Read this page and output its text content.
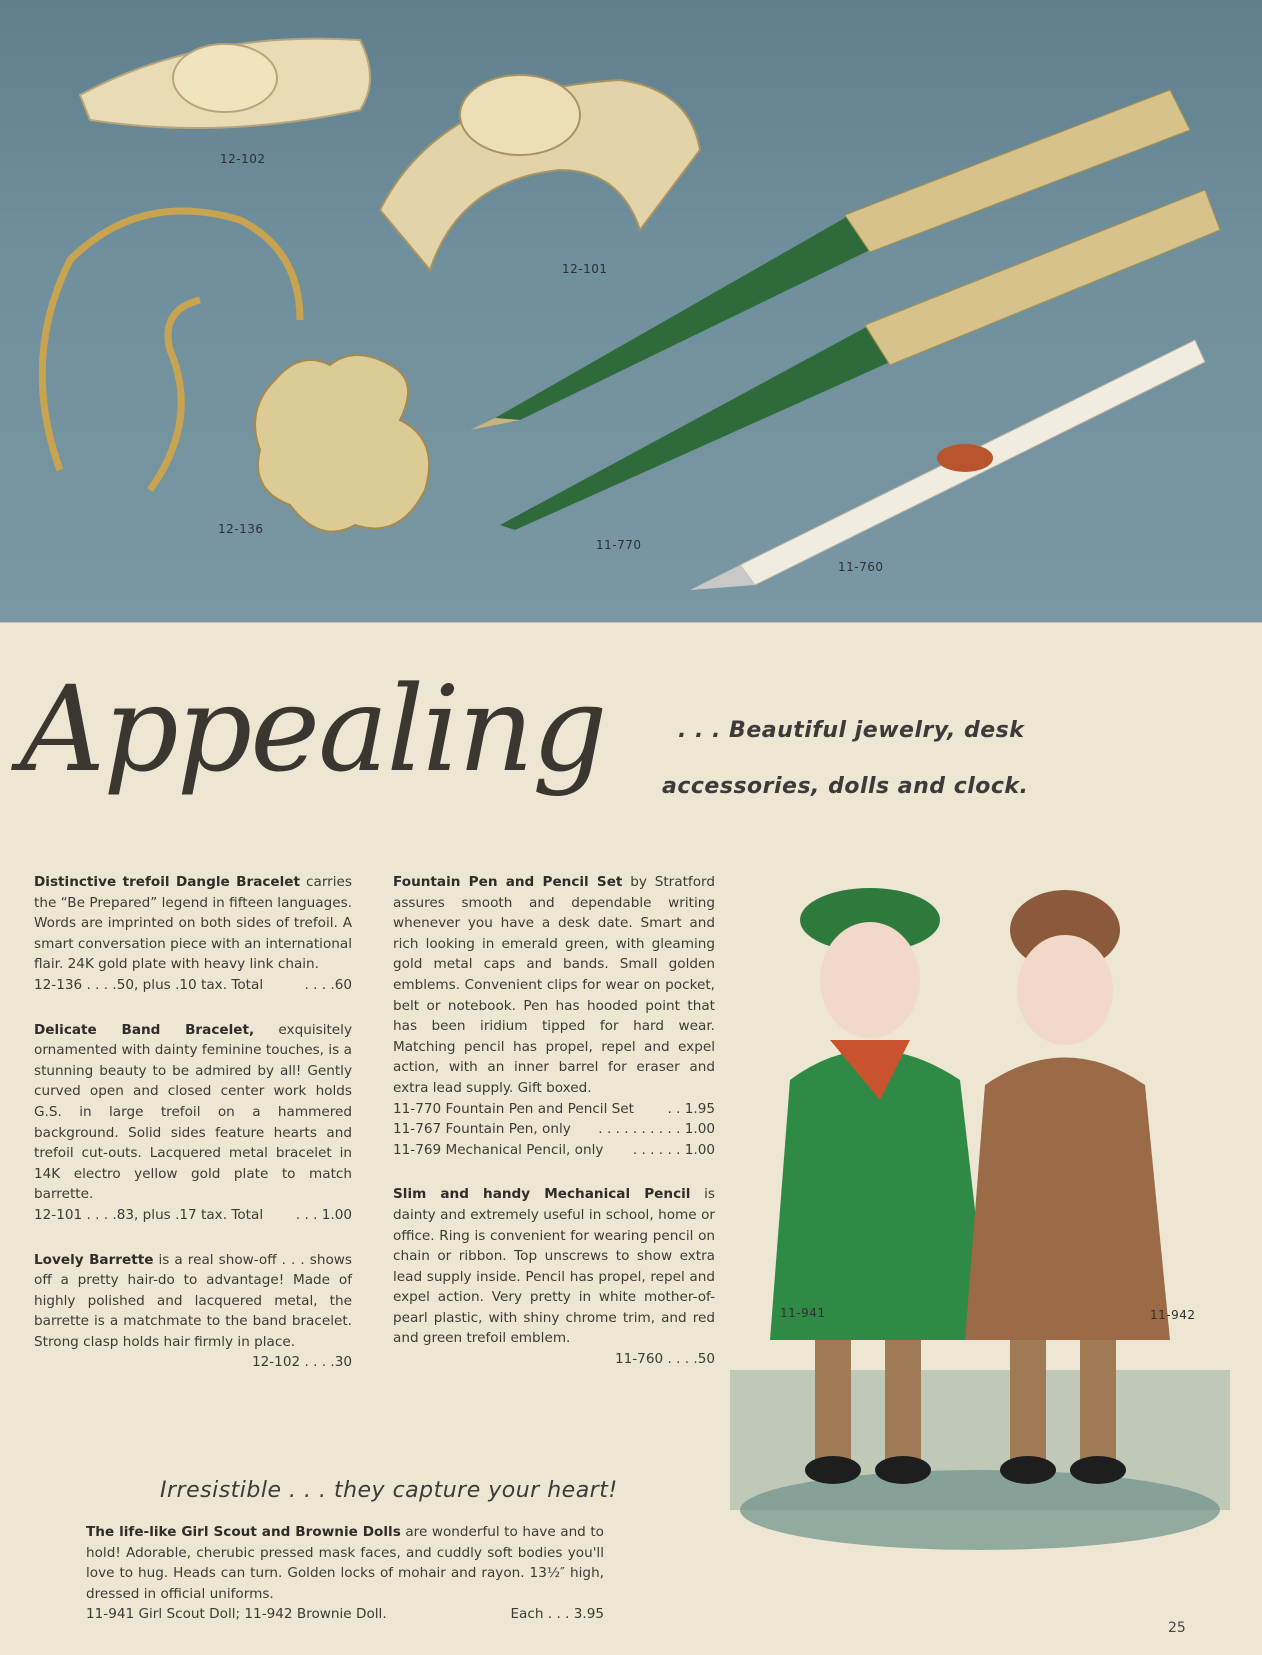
12-102
12-101
12-136
11-770
11-760
Appealing	. . . Beautiful jewelry, desk
accessories, dolls and clock.
Distinctive trefoil Dangle Bracelet carries the “Be Prepared” legend in fifteen languages. Words are imprinted on both sides of trefoil. A smart conversation piece with an international flair. 24K gold plate with heavy link chain.
12-136 . . . .50, plus .10 tax. Total	. . . .60
Delicate Band Bracelet, exquisitely ornamented with dainty feminine touches, is a stunning beauty to be admired by all! Gently curved open and closed center work holds G.S. in large trefoil on a hammered background. Solid sides feature hearts and trefoil cut-outs. Lacquered metal bracelet in 14K electro yellow gold plate to match barrette.
12-101 . . . .83, plus .17 tax. Total . . . 1.00
Lovely Barrette is a real show-off . . . shows off a pretty hair-do to advantage! Made of highly polished and lacquered metal, the barrette is a matchmate to the band bracelet. Strong clasp holds hair firmly in place.
12-102 . . . .30
Fountain Pen and Pencil Set by Stratford assures smooth and dependable writing whenever you have a desk date. Smart and rich looking in emerald green, with gleaming gold metal caps and bands. Small golden emblems. Convenient clips for wear on pocket, belt or notebook. Pen has hooded point that has been iridium tipped for hard wear. Matching pencil has propel, repel and expel action, with an inner barrel for eraser and extra lead supply. Gift boxed.
11-770 Fountain Pen and Pencil Set . . 1.95
11-767 Fountain Pen, only . . . . . . . . . . 1.00
11-769 Mechanical Pencil, only . . . . . . 1.00
Slim and handy Mechanical Pencil is dainty and extremely useful in school, home or office. Ring is convenient for wearing pencil on chain or ribbon. Top unscrews to show extra lead supply inside. Pencil has propel, repel and expel action. Very pretty in white mother-of-pearl plastic, with shiny chrome trim, and red and green trefoil emblem.
11-760 . . . .50
11-941	11-942
Irresistible . . . they capture your heart!
The life-like Girl Scout and Brownie Dolls are wonderful to have and to hold! Adorable, cherubic pressed mask faces, and cuddly soft bodies you'll love to hug. Heads can turn. Golden locks of mohair and rayon. 13½″ high, dressed in official uniforms.
11-941 Girl Scout Doll; 11-942 Brownie Doll.	Each . . . 3.95
25
